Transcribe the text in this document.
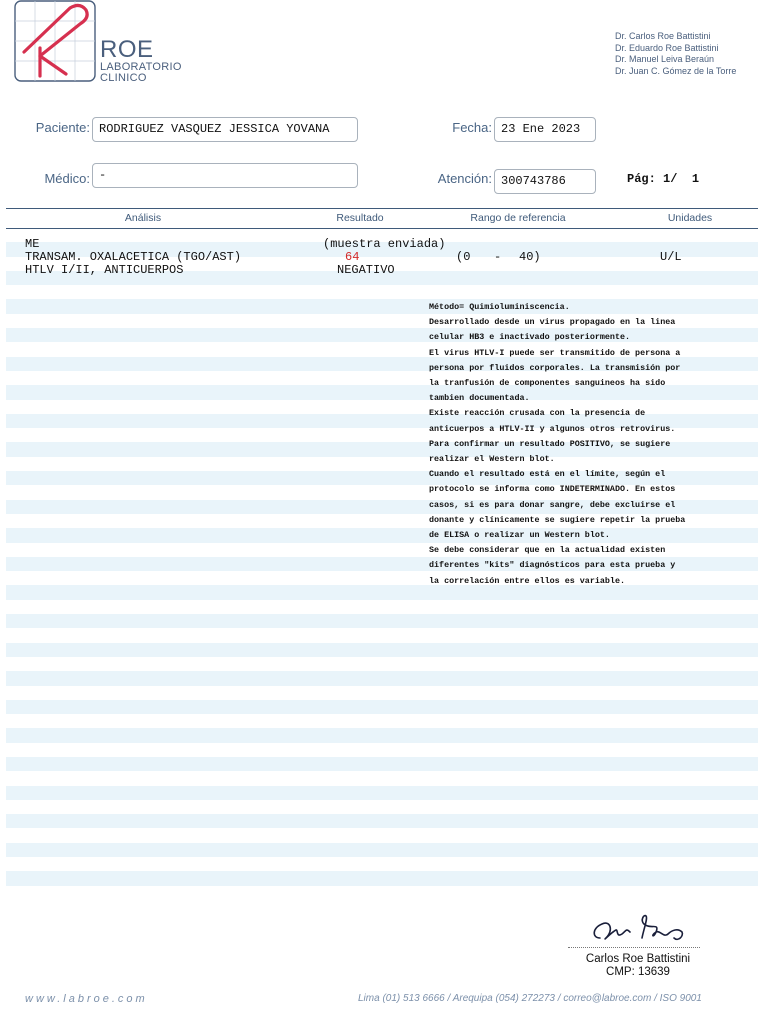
ROE
LABORATORIO
CLINICO
Dr. Carlos Roe Battistini
Dr. Eduardo Roe Battistini
Dr. Manuel Leiva Beraún
Dr. Juan C. Gómez de la Torre
Paciente: RODRIGUEZ VASQUEZ JESSICA YOVANA	Fecha: 23 Ene 2023
Médico: -	Atención: 300743786	Pág: 1/  1
Análisis	Resultado	Rango de referencia	Unidades
ME	(muestra enviada)
TRANSAM. OXALACETICA (TGO/AST)	64	(0 - 40)	U/L
HTLV I/II, ANTICUERPOS	NEGATIVO
Método= Quimioluminiscencia.
Desarrollado desde un virus propagado en la linea
celular HB3 e inactivado posteriormente.
El virus HTLV-I puede ser transmitido de persona a
persona por fluidos corporales. La transmisión por
la tranfusión de componentes sanguineos ha sido
tambien documentada.
Existe reacción crusada con la presencia de
anticuerpos a HTLV-II y algunos otros retrovirus.
Para confirmar un resultado POSITIVO, se sugiere
realizar el Western blot.
Cuando el resultado está en el límite, según el
protocolo se informa como INDETERMINADO. En estos
casos, si es para donar sangre, debe excluirse el
donante y clínicamente se sugiere repetir la prueba
de ELISA o realizar un Western blot.
Se debe considerar que en la actualidad existen
diferentes "kits" diagnósticos para esta prueba y
la correlación entre ellos es variable.
Carlos Roe Battistini
CMP: 13639
www.labroe.com	Lima (01) 513 6666 / Arequipa (054) 272273 / correo@labroe.com / ISO 9001
